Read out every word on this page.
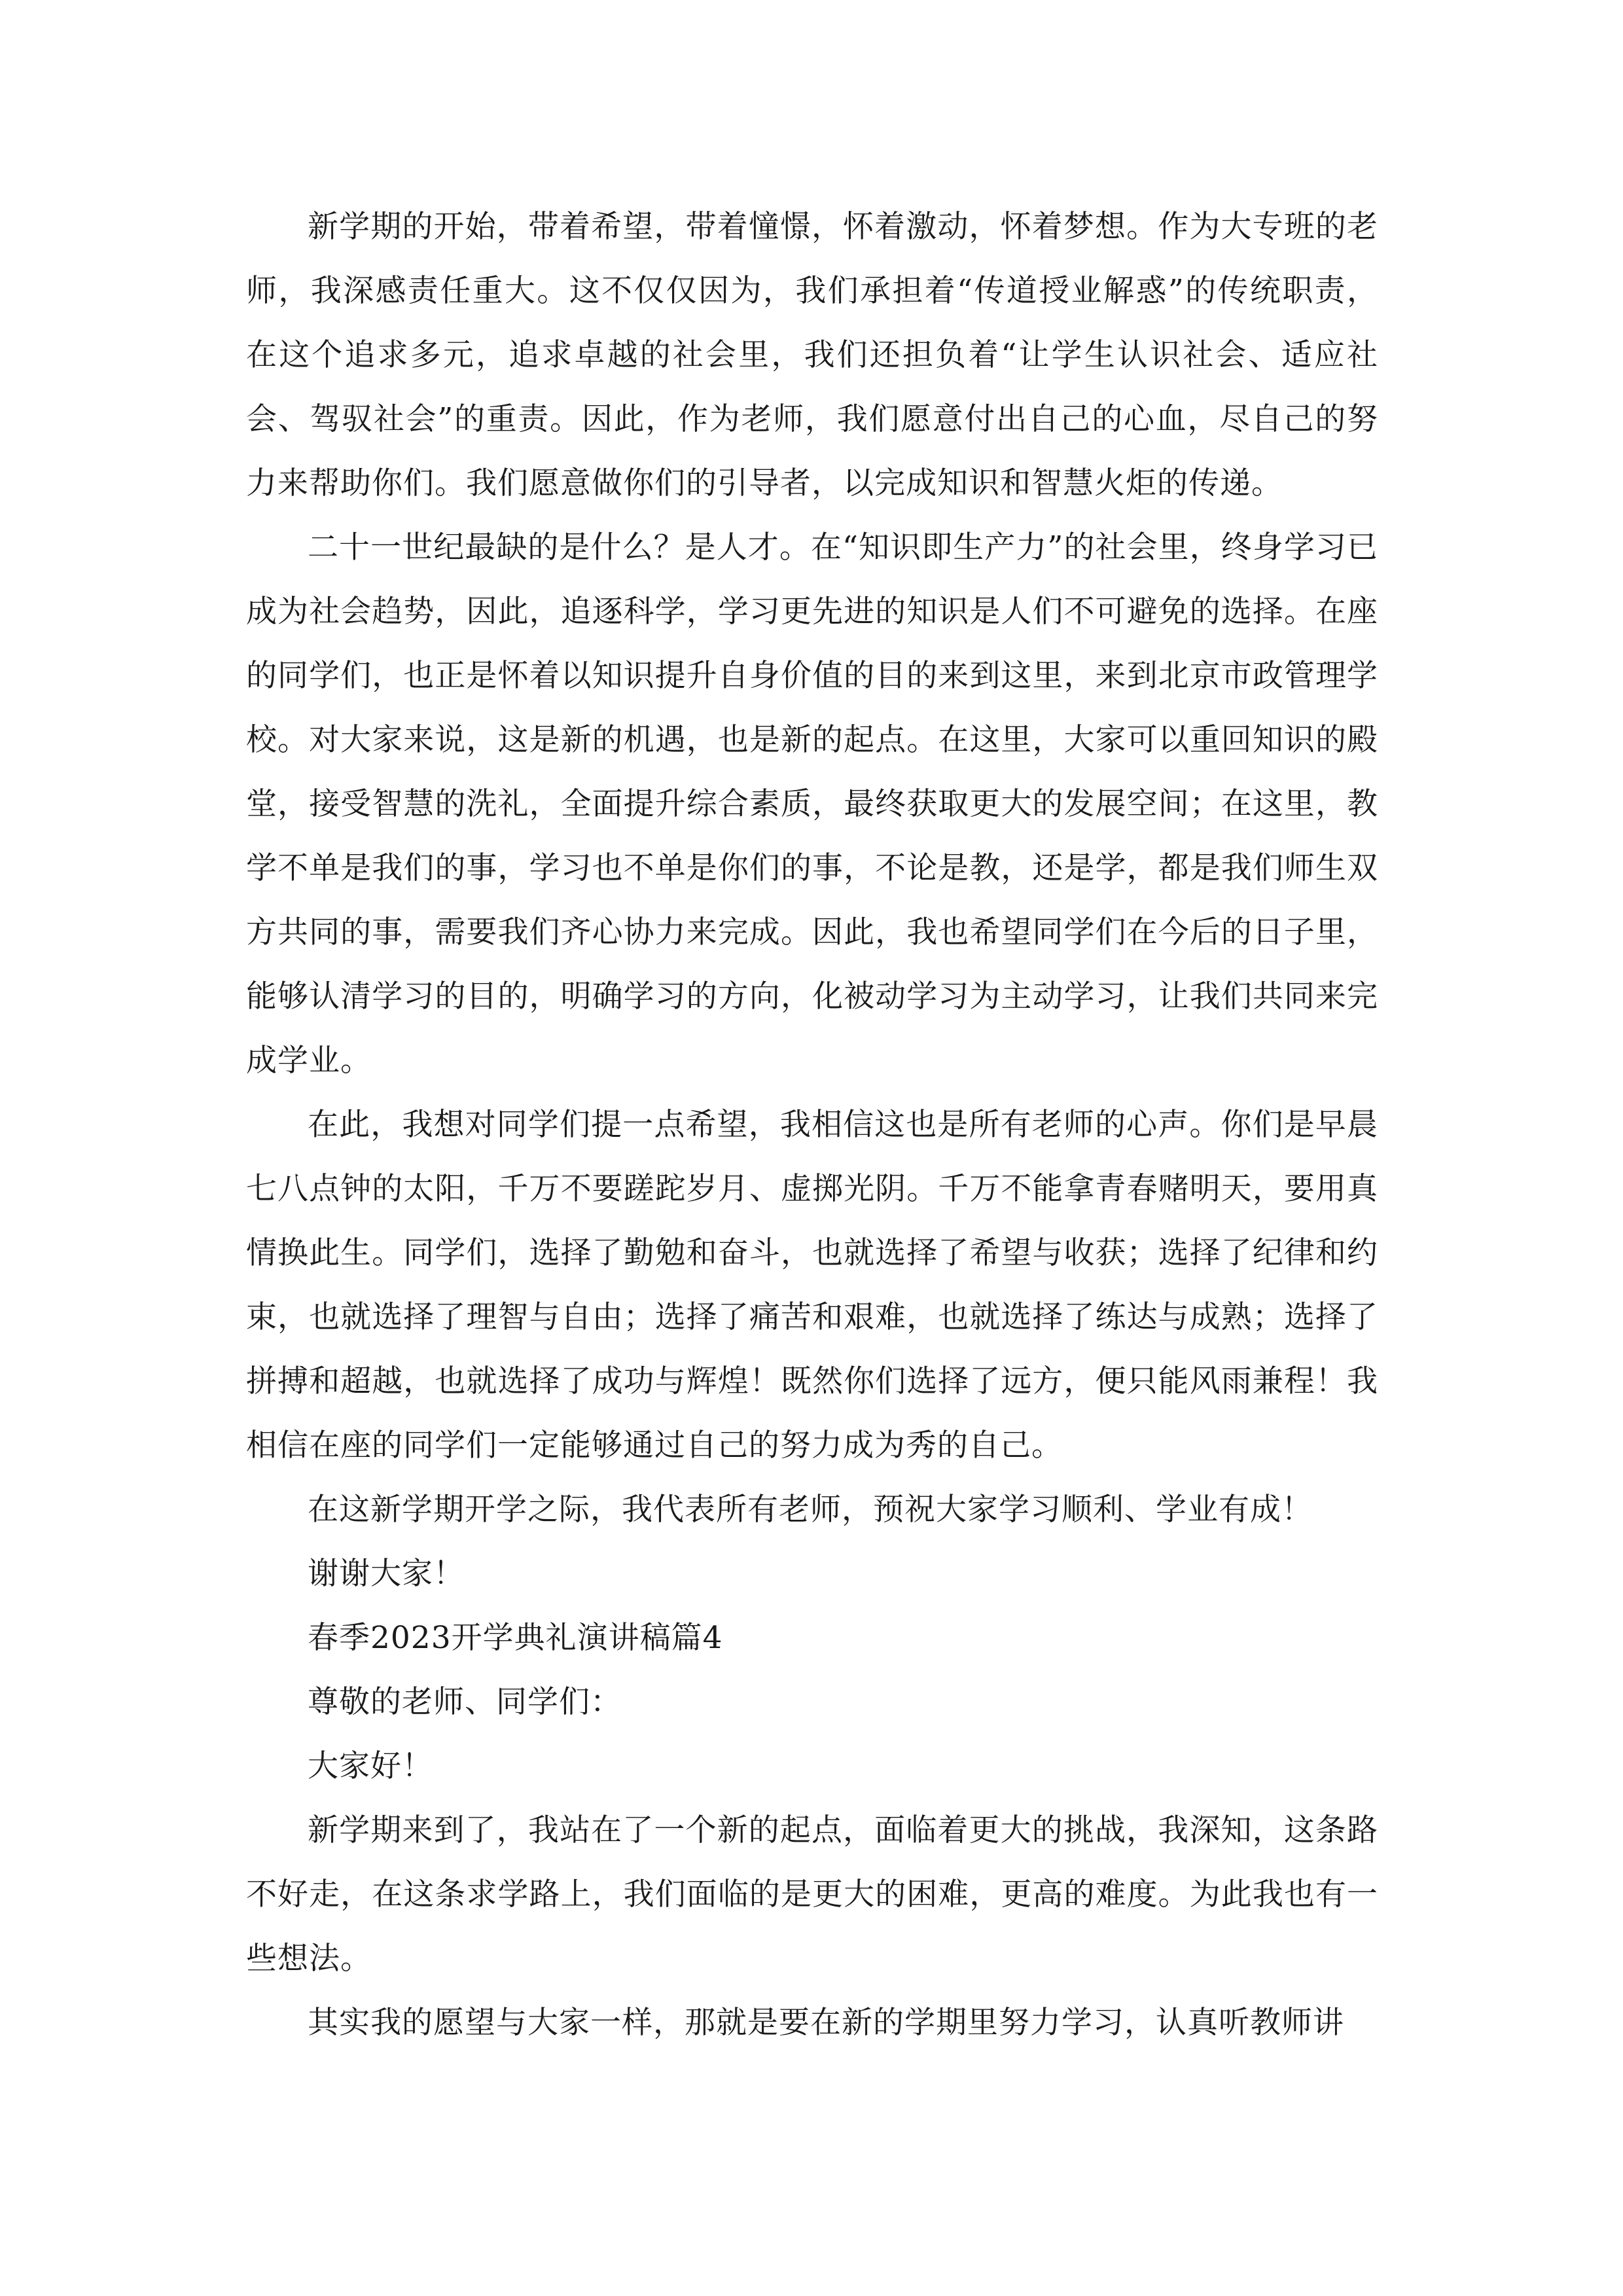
新学期的开始，带着希望，带着憧憬，怀着激动，怀着梦想。作为大专班的老师，我深感责任重大。这不仅仅因为，我们承担着“传道授业解惑”的传统职责，在这个追求多元，追求卓越的社会里，我们还担负着“让学生认识社会、适应社会、驾驭社会”的重责。因此，作为老师，我们愿意付出自己的心血，尽自己的努力来帮助你们。我们愿意做你们的引导者，以完成知识和智慧火炬的传递。

二十一世纪最缺的是什么？是人才。在“知识即生产力”的社会里，终身学习已成为社会趋势，因此，追逐科学，学习更先进的知识是人们不可避免的选择。在座的同学们，也正是怀着以知识提升自身价值的目的来到这里，来到北京市政管理学校。对大家来说，这是新的机遇，也是新的起点。在这里，大家可以重回知识的殿堂，接受智慧的洗礼，全面提升综合素质，最终获取更大的发展空间；在这里，教学不单是我们的事，学习也不单是你们的事，不论是教，还是学，都是我们师生双方共同的事，需要我们齐心协力来完成。因此，我也希望同学们在今后的日子里，能够认清学习的目的，明确学习的方向，化被动学习为主动学习，让我们共同来完成学业。

在此，我想对同学们提一点希望，我相信这也是所有老师的心声。你们是早晨七八点钟的太阳，千万不要蹉跎岁月、虚掷光阴。千万不能拿青春赌明天，要用真情换此生。同学们，选择了勤勉和奋斗，也就选择了希望与收获；选择了纪律和约束，也就选择了理智与自由；选择了痛苦和艰难，也就选择了练达与成熟；选择了拼搏和超越，也就选择了成功与辉煌！既然你们选择了远方，便只能风雨兼程！我相信在座的同学们一定能够通过自己的努力成为秀的自己。

在这新学期开学之际，我代表所有老师，预祝大家学习顺利、学业有成！

谢谢大家！

春季2023开学典礼演讲稿篇4

尊敬的老师、同学们：

大家好！

新学期来到了，我站在了一个新的起点，面临着更大的挑战，我深知，这条路不好走，在这条求学路上，我们面临的是更大的困难，更高的难度。为此我也有一些想法。

其实我的愿望与大家一样，那就是要在新的学期里努力学习，认真听教师讲
